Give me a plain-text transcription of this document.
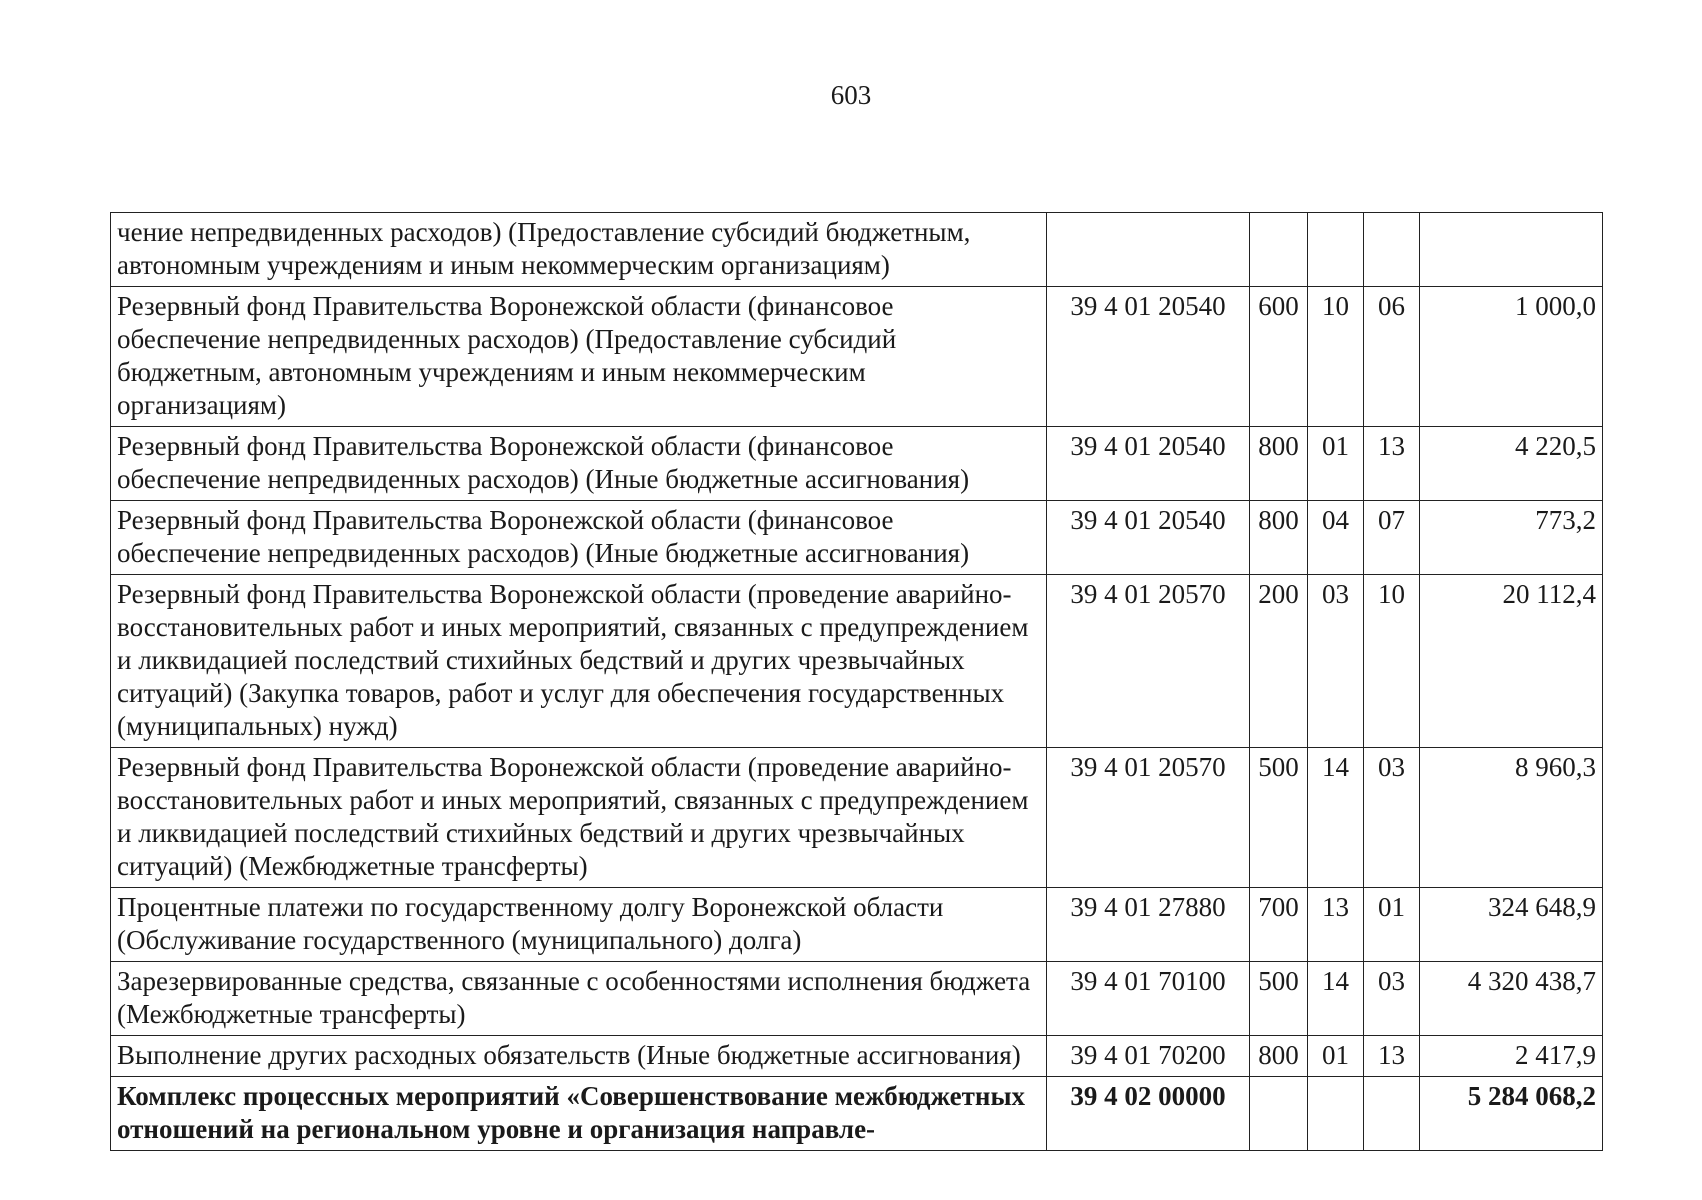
603
чение непредвиденных расходов) (Предоставление субсидий бюджетным, автономным учреждениям и иным некоммерческим организациям)					
Резервный фонд Правительства Воронежской области (финансовое обеспечение непредвиденных расходов) (Предоставление субсидий бюджетным, автономным учреждениям и иным некоммерческим организациям)	39 4 01 20540	600	10	06	1 000,0
Резервный фонд Правительства Воронежской области (финансовое обеспечение непредвиденных расходов) (Иные бюджетные ассигнования)	39 4 01 20540	800	01	13	4 220,5
Резервный фонд Правительства Воронежской области (финансовое обеспечение непредвиденных расходов) (Иные бюджетные ассигнования)	39 4 01 20540	800	04	07	773,2
Резервный фонд Правительства Воронежской области (проведение аварийно-восстановительных работ и иных мероприятий, связанных с предупреждением и ликвидацией последствий стихийных бедствий и других чрезвычайных ситуаций) (Закупка товаров, работ и услуг для обеспечения государственных (муниципальных) нужд)	39 4 01 20570	200	03	10	20 112,4
Резервный фонд Правительства Воронежской области (проведение аварийно-восстановительных работ и иных мероприятий, связанных с предупреждением и ликвидацией последствий стихийных бедствий и других чрезвычайных ситуаций) (Межбюджетные трансферты)	39 4 01 20570	500	14	03	8 960,3
Процентные платежи по государственному долгу Воронежской области (Обслуживание государственного (муниципального) долга)	39 4 01 27880	700	13	01	324 648,9
Зарезервированные средства, связанные с особенностями исполнения бюджета (Межбюджетные трансферты)	39 4 01 70100	500	14	03	4 320 438,7
Выполнение других расходных обязательств (Иные бюджетные ассигнования)	39 4 01 70200	800	01	13	2 417,9
Комплекс процессных мероприятий «Совершенствование межбюджетных отношений на региональном уровне и организация направле-	39 4 02 00000				5 284 068,2
